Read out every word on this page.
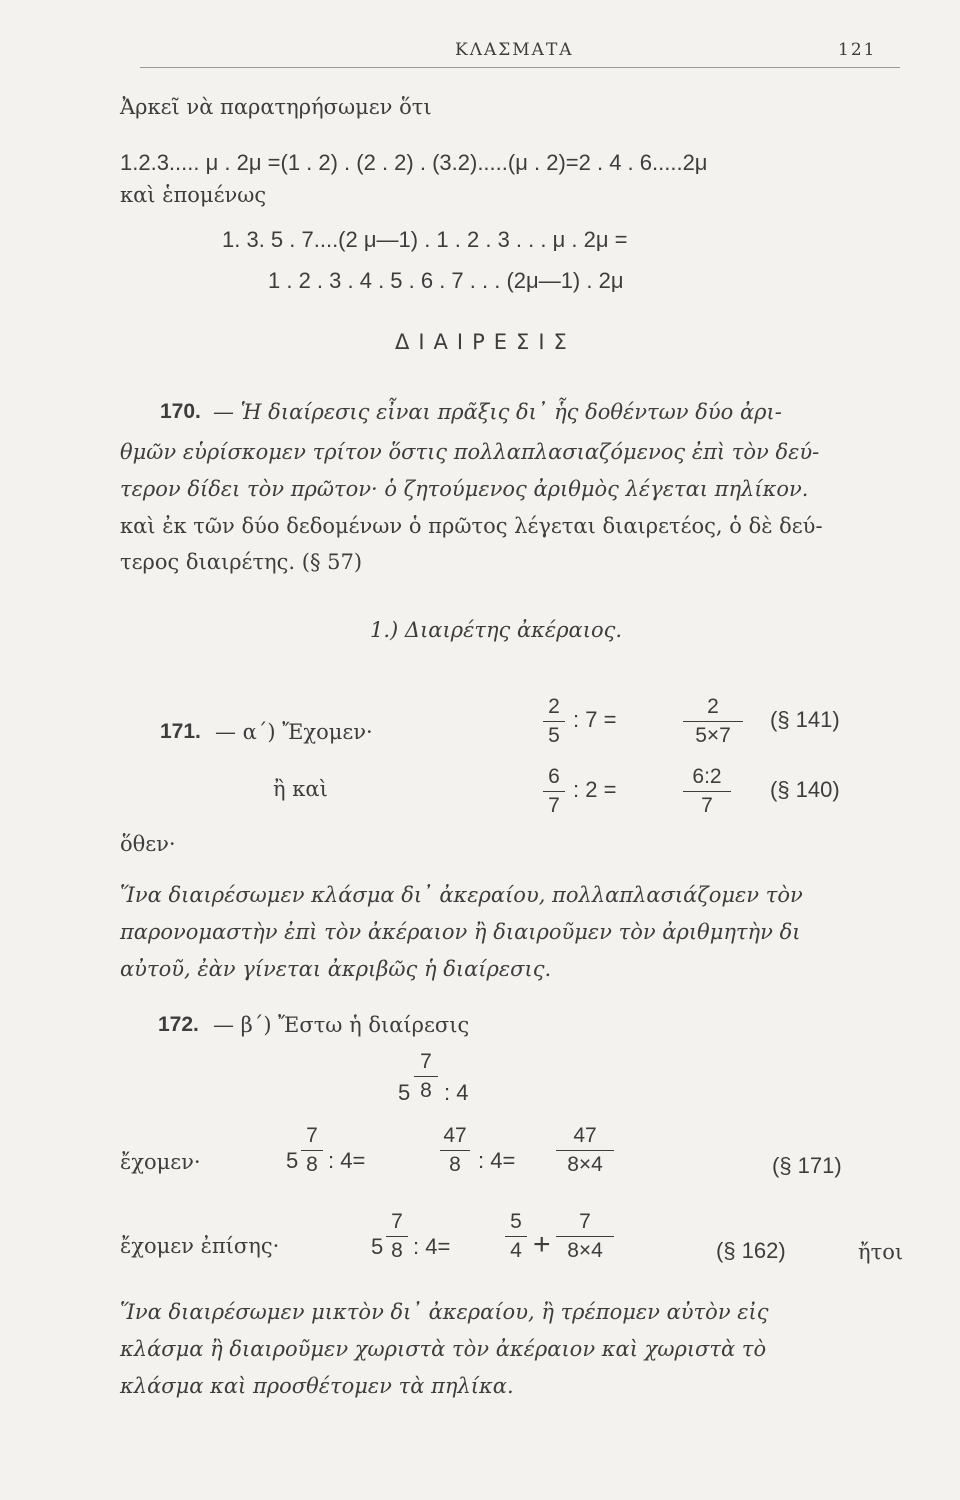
ΚΛΑΣΜΑΤΑ	121
Ἀρκεῖ νὰ παρατηρήσωμεν ὅτι
1.2.3..... μ . 2μ =(1 . 2) . (2 . 2) . (3.2).....(μ . 2)=2 . 4 . 6.....2μ
καὶ ἑπομένως
1. 3. 5 . 7....(2 μ—1) . 1 . 2 . 3 . . . μ . 2μ =
1 . 2 . 3 . 4 . 5 . 6 . 7 . . . (2μ—1) . 2μ
ΔΙΑΙΡΕΣΙΣ
170. — Ἡ διαίρεσις εἶναι πρᾶξις δι᾿ ἧς δοθέντων δύο ἀρι-
θμῶν εὑρίσκομεν τρίτον ὅστις πολλαπλασιαζόμενος ἐπὶ τὸν δεύ-
τερον δίδει τὸν πρῶτον· ὁ ζητούμενος ἀριθμὸς λέγεται πηλίκον.
καὶ ἐκ τῶν δύο δεδομένων ὁ πρῶτος λέγεται διαιρετέος, ὁ δὲ δεύ-
τερος διαιρέτης. (§ 57)
1.) Διαιρέτης ἀκέραιος.
171. — α΄) Ἔχομεν·
2
5
: 7 =
2
5×7
(§ 141)
ἢ καὶ
6
7
: 2 =
6:2
7
(§ 140)
ὅθεν·
Ἵνα διαιρέσωμεν κλάσμα δι᾿ ἀκεραίου, πολλαπλασιάζομεν τὸν
παρονομαστὴν ἐπὶ τὸν ἀκέραιον ἢ διαιροῦμεν τὸν ἀριθμητὴν δι
αὐτοῦ, ἐὰν γίνεται ἀκριβῶς ἡ διαίρεσις.
172. — β΄) Ἔστω ἡ διαίρεσις
5
7
8 : 4
ἔχομεν·	5
7
8 : 4=
47
8 : 4=
47
8×4	(§ 171)
ἔχομεν ἐπίσης·	5
7
8 : 4=
5
4 +
7
8×4	(§ 162)	ἤτοι
Ἵνα διαιρέσωμεν μικτὸν δι᾿ ἀκεραίου, ἢ τρέπομεν αὐτὸν εἰς
κλάσμα ἢ διαιροῦμεν χωριστὰ τὸν ἀκέραιον καὶ χωριστὰ τὸ
κλάσμα καὶ προσθέτομεν τὰ πηλίκα.
